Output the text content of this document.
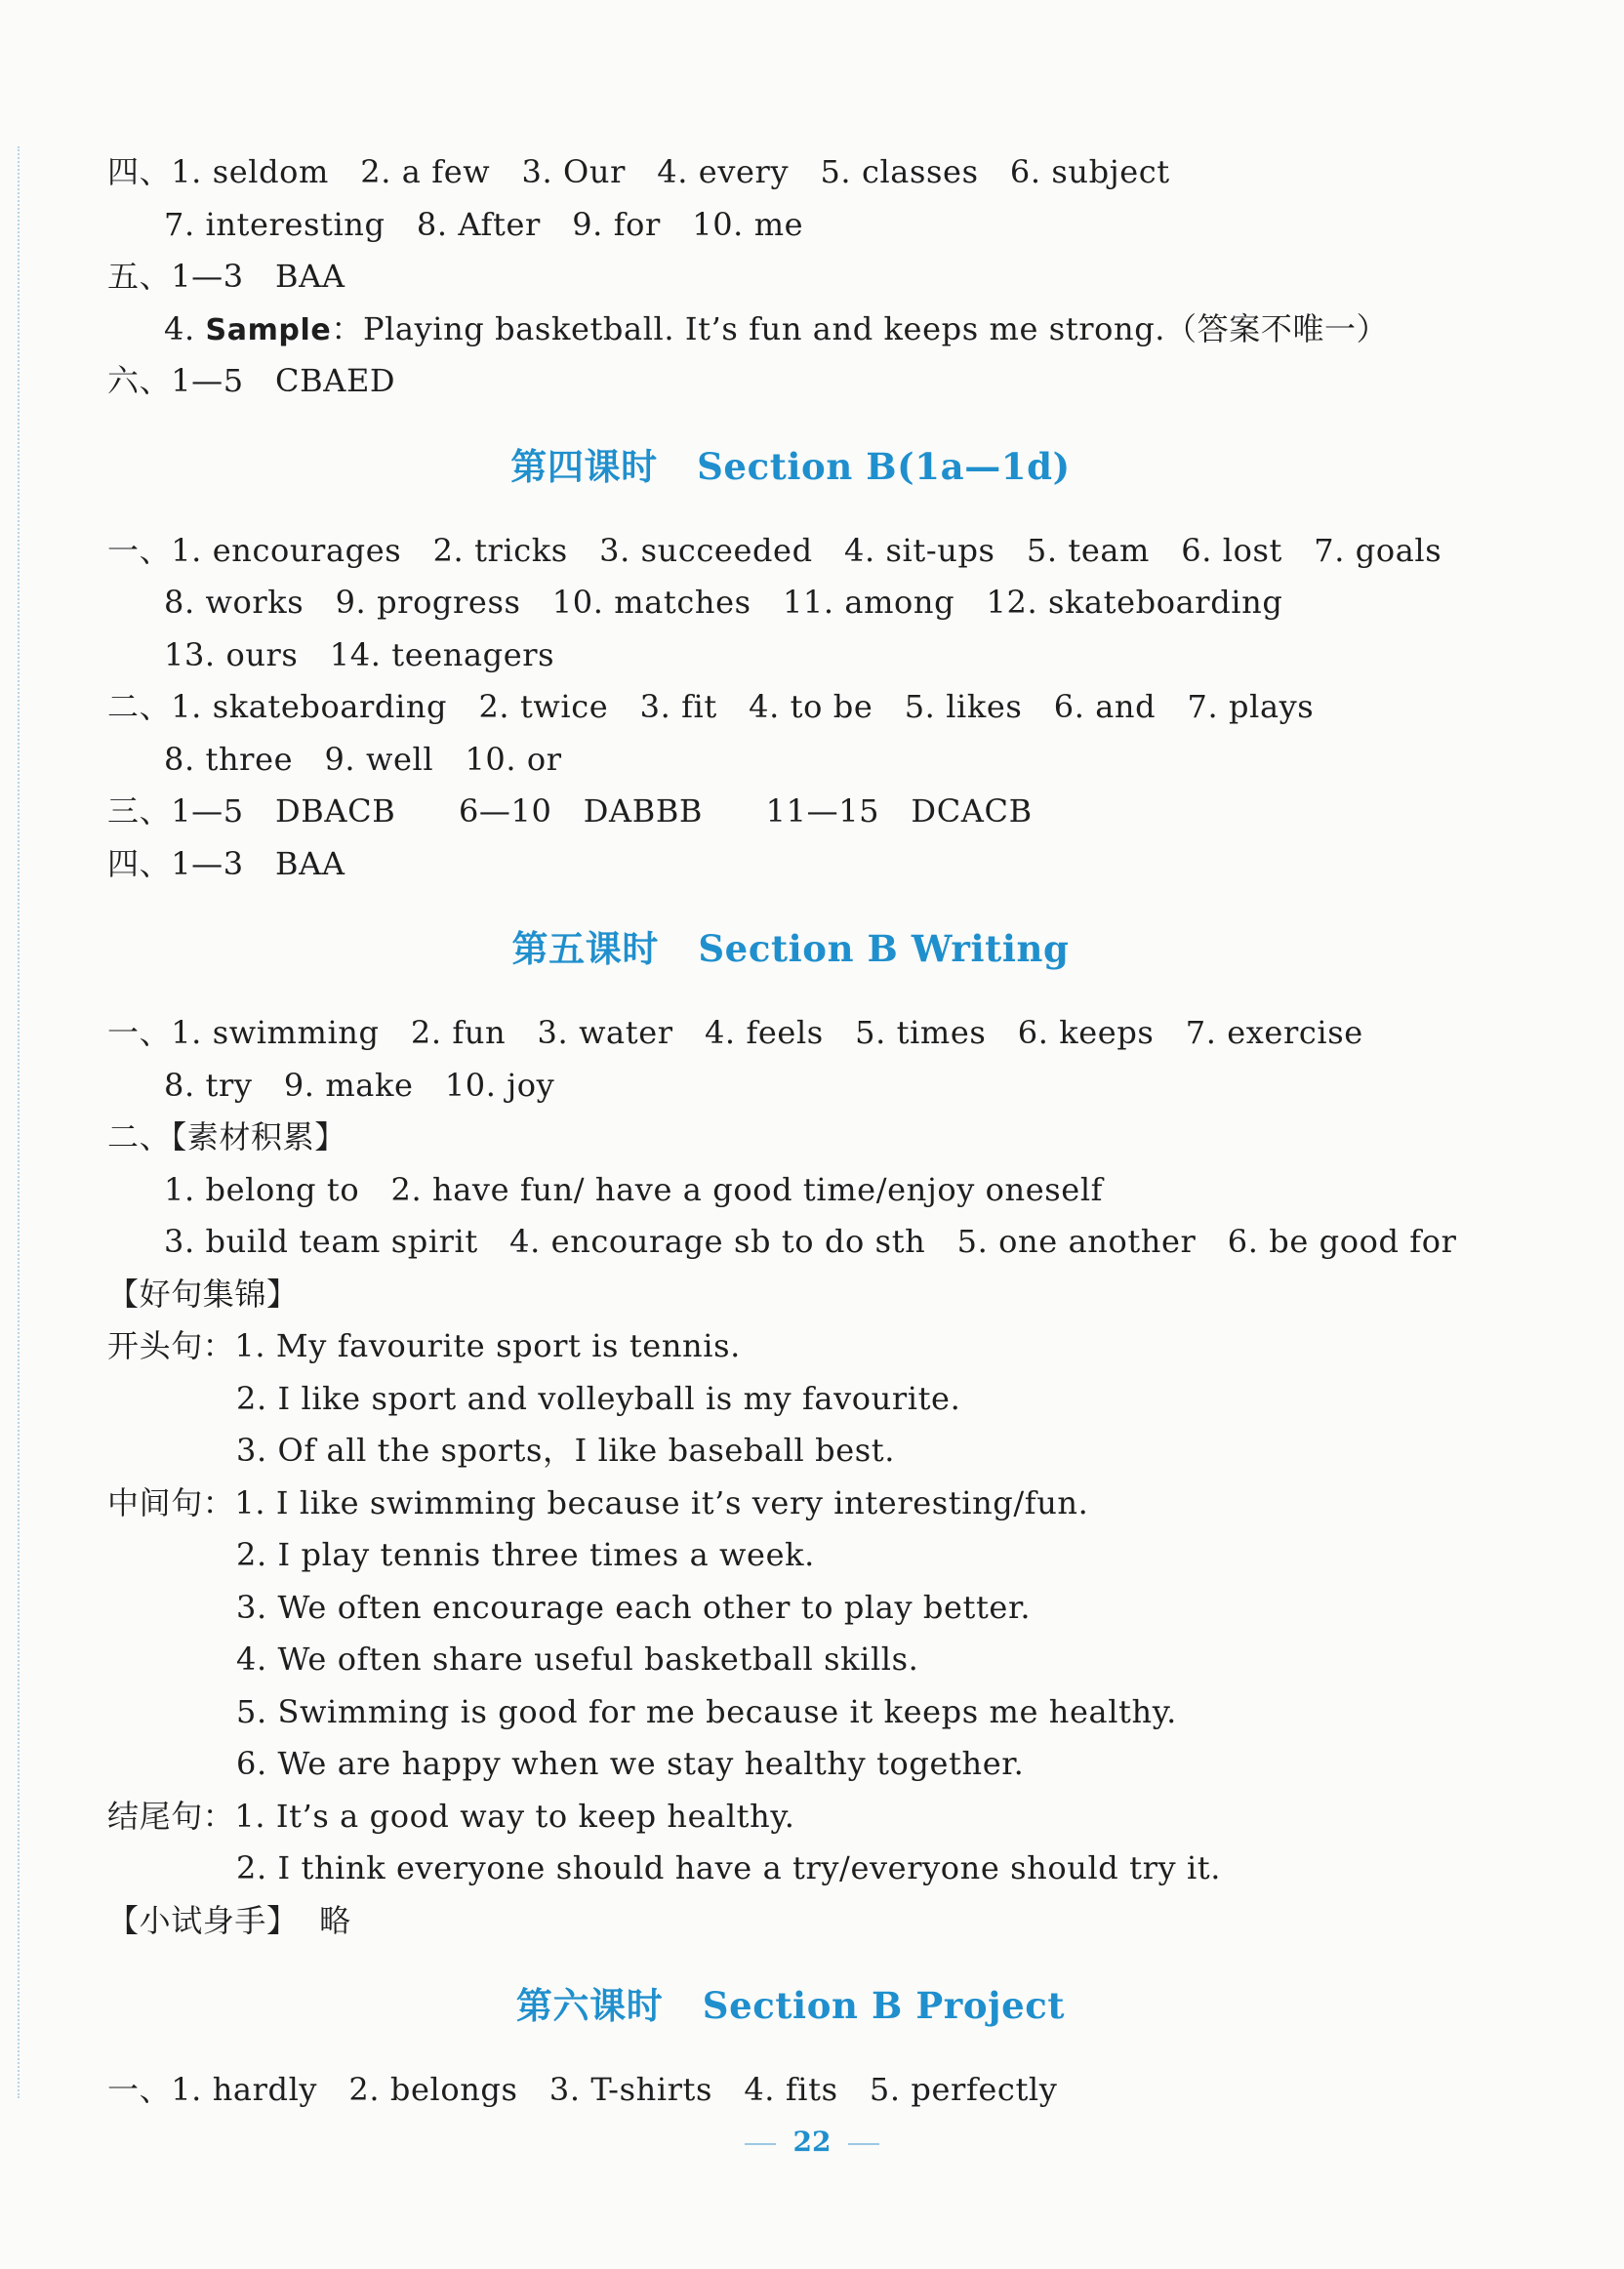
四、1. seldom   2. a few   3. Our   4. every   5. classes   6. subject
7. interesting   8. After   9. for   10. me
五、1—3   BAA
4. Sample：Playing basketball. It’s fun and keeps me strong.（答案不唯一）
六、1—5   CBAED
第四课时   Section B(1a—1d)
一、1. encourages   2. tricks   3. succeeded   4. sit-ups   5. team   6. lost   7. goals
8. works   9. progress   10. matches   11. among   12. skateboarding
13. ours   14. teenagers
二、1. skateboarding   2. twice   3. fit   4. to be   5. likes   6. and   7. plays
8. three   9. well   10. or
三、1—5   DBACB      6—10   DABBB      11—15   DCACB
四、1—3   BAA
第五课时   Section B Writing
一、1. swimming   2. fun   3. water   4. feels   5. times   6. keeps   7. exercise
8. try   9. make   10. joy
二、【素材积累】
1. belong to   2. have fun/ have a good time/enjoy oneself
3. build team spirit   4. encourage sb to do sth   5. one another   6. be good for
【好句集锦】
开头句：1. My favourite sport is tennis.
2. I like sport and volleyball is my favourite.
3. Of all the sports，I like baseball best.
中间句：1. I like swimming because it’s very interesting/fun.
2. I play tennis three times a week.
3. We often encourage each other to play better.
4. We often share useful basketball skills.
5. Swimming is good for me because it keeps me healthy.
6. We are happy when we stay healthy together.
结尾句：1. It’s a good way to keep healthy.
2. I think everyone should have a try/everyone should try it.
【小试身手】  略
第六课时   Section B Project
一、1. hardly   2. belongs   3. T-shirts   4. fits   5. perfectly
22
